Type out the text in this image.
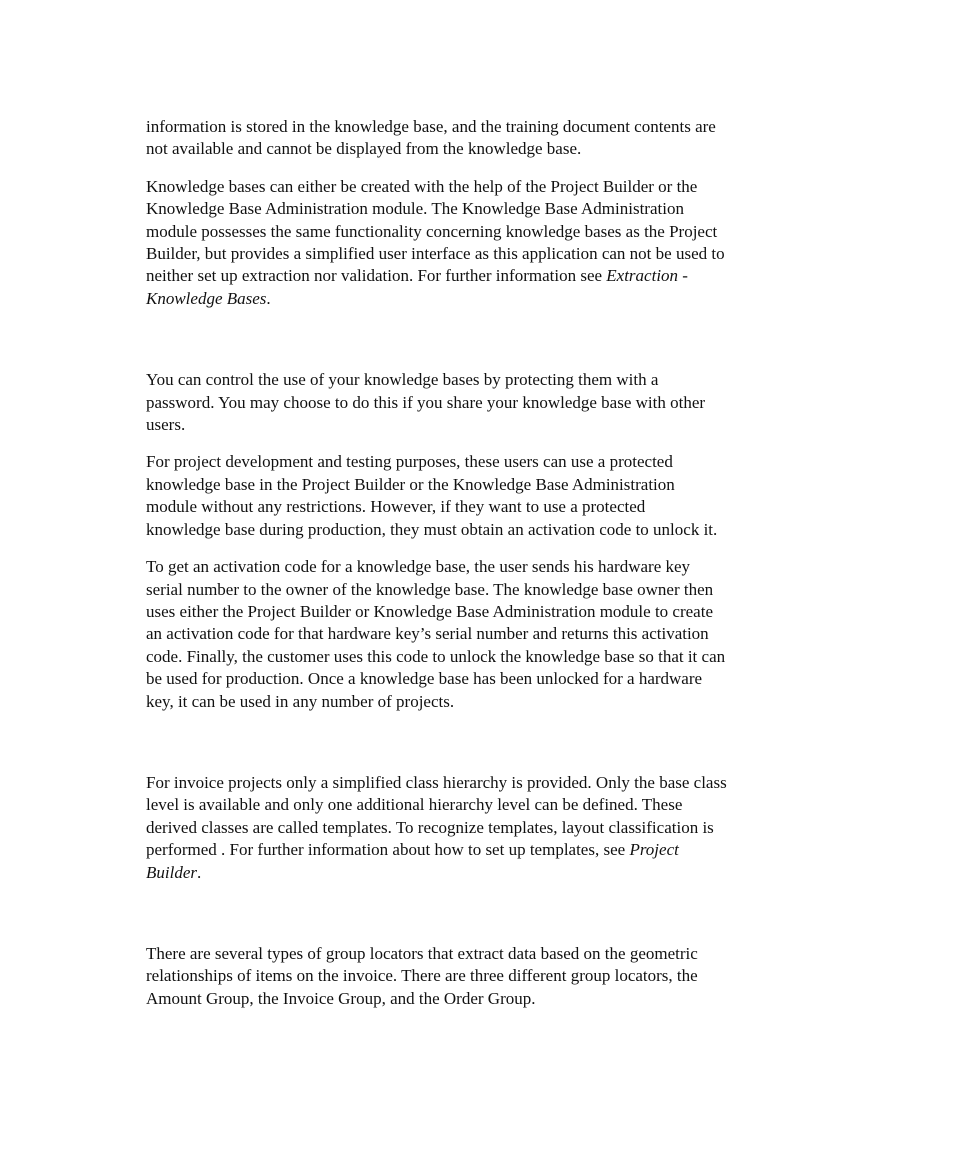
information is stored in the knowledge base, and the training document contents are
not available and cannot be displayed from the knowledge base.

Knowledge bases can either be created with the help of the Project Builder or the
Knowledge Base Administration module. The Knowledge Base Administration
module possesses the same functionality concerning knowledge bases as the Project
Builder, but provides a simplified user interface as this application can not be used to
neither set up extraction nor validation. For further information see Extraction -
Knowledge Bases.

You can control the use of your knowledge bases by protecting them with a
password. You may choose to do this if you share your knowledge base with other
users.

For project development and testing purposes, these users can use a protected
knowledge base in the Project Builder or the Knowledge Base Administration
module without any restrictions. However, if they want to use a protected
knowledge base during production, they must obtain an activation code to unlock it.

To get an activation code for a knowledge base, the user sends his hardware key
serial number to the owner of the knowledge base. The knowledge base owner then
uses either the Project Builder or Knowledge Base Administration module to create
an activation code for that hardware key’s serial number and returns this activation
code. Finally, the customer uses this code to unlock the knowledge base so that it can
be used for production. Once a knowledge base has been unlocked for a hardware
key, it can be used in any number of projects.

For invoice projects only a simplified class hierarchy is provided. Only the base class
level is available and only one additional hierarchy level can be defined. These
derived classes are called templates. To recognize templates, layout classification is
performed . For further information about how to set up templates, see Project
Builder.

There are several types of group locators that extract data based on the geometric
relationships of items on the invoice. There are three different group locators, the
Amount Group, the Invoice Group, and the Order Group.
